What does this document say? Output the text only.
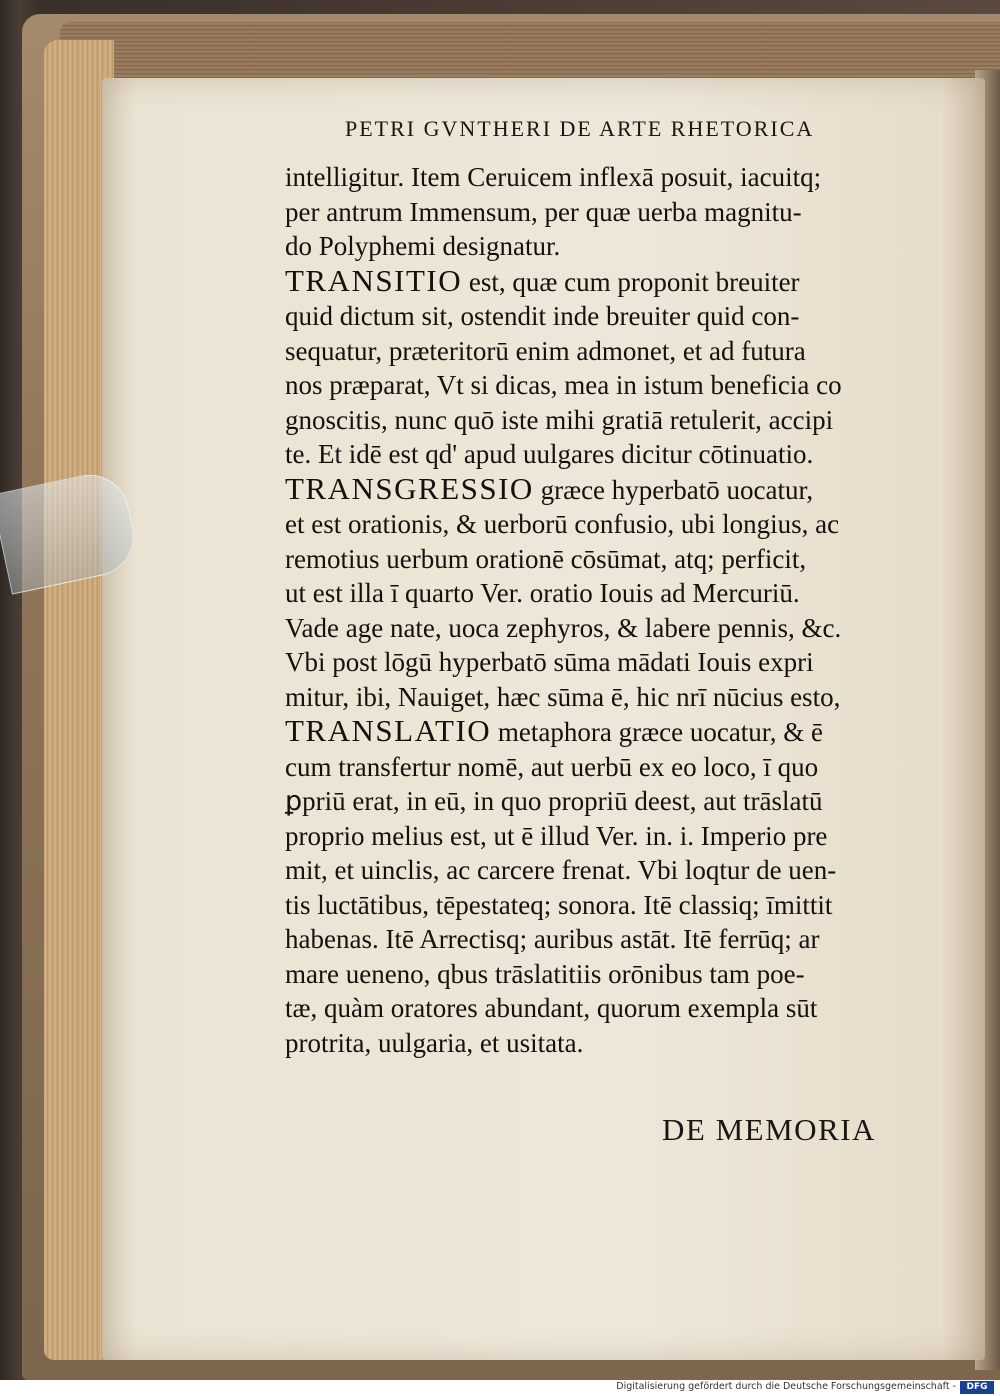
PETRI GVNTHERI DE ARTE RHETORICA
intelligitur. Item Ceruicem inflexā posuit, iacuitq;
per antrum Immensum, per quæ uerba magnitu-
do Polyphemi designatur.
TRANSITIO est, quæ cum proponit breuiter
quid dictum sit, ostendit inde breuiter quid con-
sequatur, præteritorū enim admonet, et ad futura
nos præparat, Vt si dicas, mea in istum beneficia co
gnoscitis, nunc quō iste mihi gratiā retulerit, accipi
te. Et idē est qd' apud uulgares dicitur cōtinuatio.
TRANSGRESSIO græce hyperbatō uocatur,
et est orationis, & uerborū confusio, ubi longius, ac
remotius uerbum orationē cōsūmat, atq; perficit,
ut est illa ī quarto Ver. oratio Iouis ad Mercuriū.
Vade age nate, uoca zephyros, & labere pennis, &c.
Vbi post lōgū hyperbatō sūma mādati Iouis expri
mitur, ibi, Nauiget, hæc sūma ē, hic nrī nūcius esto,
TRANSLATIO metaphora græce uocatur, & ē
cum transfertur nomē, aut uerbū ex eo loco, ī quo
ꝑpriū erat, in eū, in quo propriū deest, aut trāslatū
proprio melius est, ut ē illud Ver. in. i. Imperio pre
mit, et uinclis, ac carcere frenat. Vbi loqtur de uen-
tis luctātibus, tēpestateq; sonora. Itē classiq; īmittit
habenas. Itē Arrectisq; auribus astāt. Itē ferrūq; ar
mare ueneno, qbus trāslatitiis orōnibus tam poe-
tæ, quàm oratores abundant, quorum exempla sūt
protrita, uulgaria, et usitata.
DE MEMORIA
Digitalisierung gefördert durch die Deutsche Forschungsgemeinschaft -	DFG
